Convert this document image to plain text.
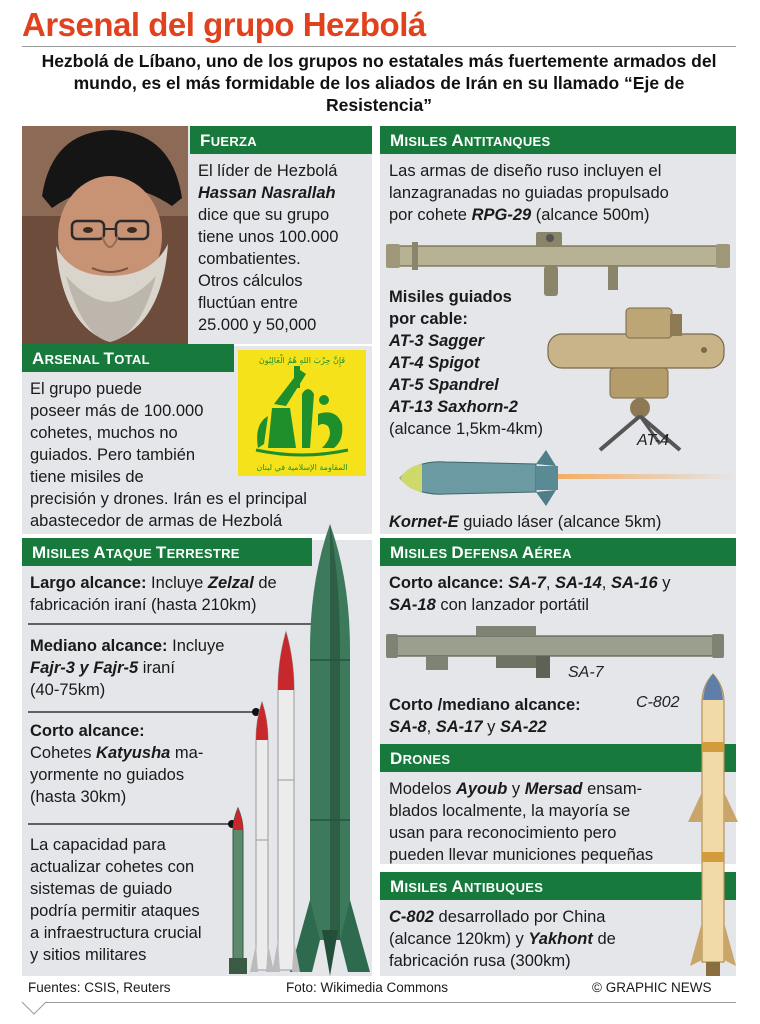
Arsenal del grupo Hezbolá
Hezbolá de Líbano, uno de los grupos no estatales más fuertemente armados del mundo, es el más formidable de los aliados de Irán en su llamado “Eje de Resistencia”
FUERZA
El líder de Hezbolá
Hassan Nasrallah
dice que su grupo
tiene unos 100.000
combatientes.
Otros cálculos
fluctúan entre
25.000 y 50,000
ARSENAL TOTAL	فَإِنَّ حِزْبَ اللهِ هُمُ الْغَالِبُونَ
المقاومة الإسلامية في لبنان
El grupo puede
poseer más de 100.000
cohetes, muchos no
guiados. Pero también
tiene misiles de
precisión y drones. Irán es el principal
abastecedor de armas de Hezbolá
MISILES ATAQUE TERRESTRE
Largo alcance: Incluye Zelzal de
fabricación iraní (hasta 210km)
Mediano alcance: Incluye
Fajr-3 y Fajr-5 iraní
(40-75km)
Corto alcance:
Cohetes Katyusha ma-
yormente no guiados
(hasta 30km)
La capacidad para
actualizar cohetes con
sistemas de guiado
podría permitir ataques
a infraestructura crucial
y sitios militares
MISILES ANTITANQUES
Las armas de diseño ruso incluyen el
lanzagranadas no guiadas propulsado
por cohete RPG-29 (alcance 500m)
Misiles guiados
por cable:
AT-3 Sagger
AT-4 Spigot
AT-5 Spandrel
AT-13 Saxhorn-2
(alcance 1,5km-4km)
AT-4
Kornet-E guiado láser (alcance 5km)
MISILES DEFENSA AÉREA
Corto alcance: SA-7, SA-14, SA-16 y
SA-18 con lanzador portátil
SA-7
Corto /mediano alcance:
SA-8, SA-17 y SA-22
C-802
DRONES
Modelos Ayoub y Mersad ensam-
blados localmente, la mayoría se
usan para reconocimiento pero
pueden llevar municiones pequeñas
MISILES ANTIBUQUES
C-802 desarrollado por China
(alcance 120km) y Yakhont de
fabricación rusa (300km)
Fuentes: CSIS, Reuters	Foto: Wikimedia Commons	© GRAPHIC NEWS
